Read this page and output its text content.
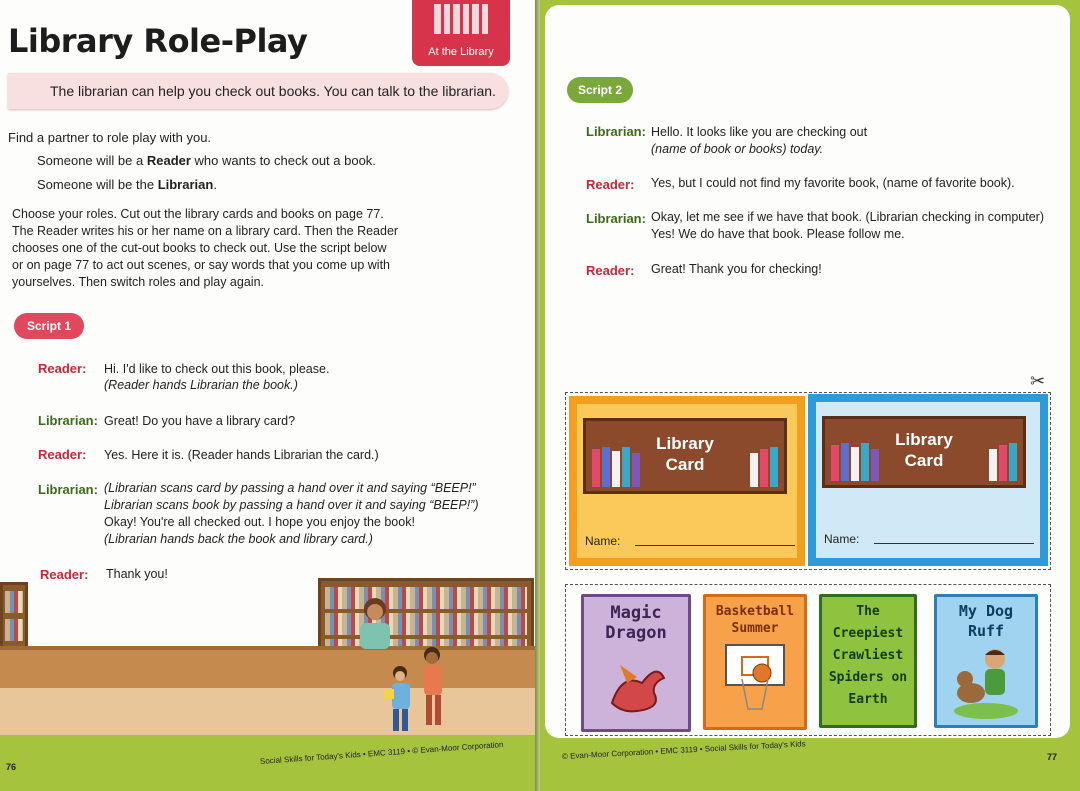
At the Library
Library Role-Play
The librarian can help you check out books. You can talk to the librarian.
Find a partner to role play with you.
Someone will be a Reader who wants to check out a book.
Someone will be the Librarian.
Choose your roles. Cut out the library cards and books on page 77.
The Reader writes his or her name on a library card. Then the Reader
chooses one of the cut-out books to check out. Use the script below
or on page 77 to act out scenes, or say words that you come up with
yourselves. Then switch roles and play again.
Script 1
Reader: Hi. I'd like to check out this book, please.
(Reader hands Librarian the book.)
Librarian: Great! Do you have a library card?
Reader: Yes. Here it is. (Reader hands Librarian the card.)
Librarian: (Librarian scans card by passing a hand over it and saying “BEEP!”
Librarian scans book by passing a hand over it and saying “BEEP!”)
Okay! You're all checked out. I hope you enjoy the book!
(Librarian hands back the book and library card.)
Reader: Thank you!
Social Skills for Today's Kids • EMC 3119 • © Evan-Moor Corporation
76
Script 2
Librarian: Hello. It looks like you are checking out
(name of book or books) today.
Reader: Yes, but I could not find my favorite book, (name of favorite book).
Librarian: Okay, let me see if we have that book. (Librarian checking in computer)
Yes! We do have that book. Please follow me.
Reader: Great! Thank you for checking!
✂
Library
Card
Name:
Library
Card
Name:
Magic Dragon
Basketball Summer
The Creepiest Crawliest Spiders on Earth
My Dog Ruff
© Evan-Moor Corporation • EMC 3119 • Social Skills for Today's Kids	77
